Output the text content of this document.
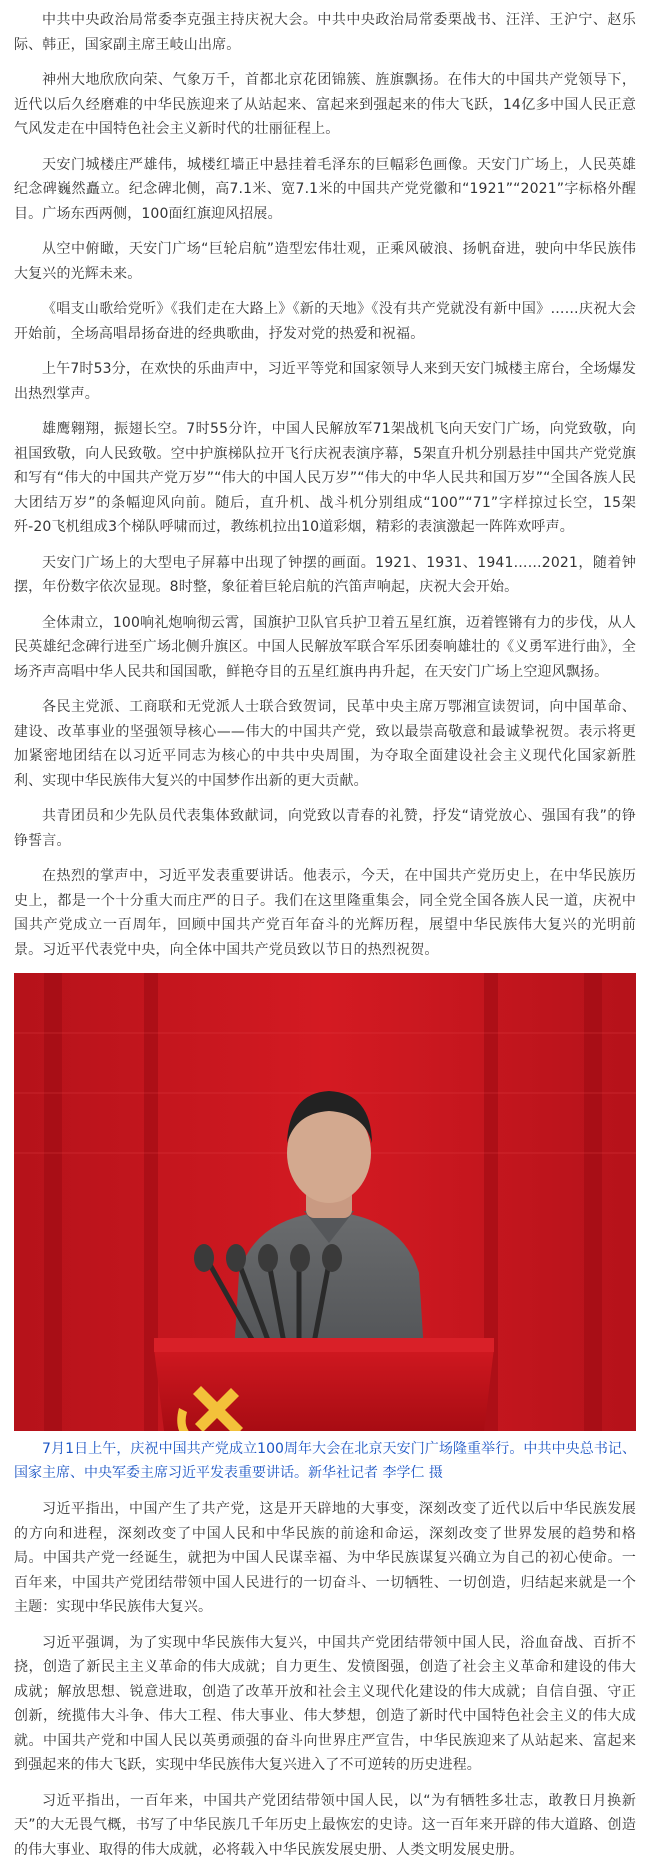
中共中央政治局常委李克强主持庆祝大会。中共中央政治局常委栗战书、汪洋、王沪宁、赵乐际、韩正，国家副主席王岐山出席。

神州大地欣欣向荣、气象万千，首都北京花团锦簇、旌旗飘扬。在伟大的中国共产党领导下，近代以后久经磨难的中华民族迎来了从站起来、富起来到强起来的伟大飞跃，14亿多中国人民正意气风发走在中国特色社会主义新时代的壮丽征程上。

天安门城楼庄严雄伟，城楼红墙正中悬挂着毛泽东的巨幅彩色画像。天安门广场上，人民英雄纪念碑巍然矗立。纪念碑北侧，高7.1米、宽7.1米的中国共产党党徽和“1921”“2021”字标格外醒目。广场东西两侧，100面红旗迎风招展。

从空中俯瞰，天安门广场“巨轮启航”造型宏伟壮观，正乘风破浪、扬帆奋进，驶向中华民族伟大复兴的光辉未来。

《唱支山歌给党听》《我们走在大路上》《新的天地》《没有共产党就没有新中国》……庆祝大会开始前，全场高唱昂扬奋进的经典歌曲，抒发对党的热爱和祝福。

上午7时53分，在欢快的乐曲声中，习近平等党和国家领导人来到天安门城楼主席台，全场爆发出热烈掌声。

雄鹰翱翔，振翅长空。7时55分许，中国人民解放军71架战机飞向天安门广场，向党致敬，向祖国致敬，向人民致敬。空中护旗梯队拉开飞行庆祝表演序幕，5架直升机分别悬挂中国共产党党旗和写有“伟大的中国共产党万岁”“伟大的中国人民万岁”“伟大的中华人民共和国万岁”“全国各族人民大团结万岁”的条幅迎风向前。随后，直升机、战斗机分别组成“100”“71”字样掠过长空，15架歼-20飞机组成3个梯队呼啸而过，教练机拉出10道彩烟，精彩的表演激起一阵阵欢呼声。

天安门广场上的大型电子屏幕中出现了钟摆的画面。1921、1931、1941……2021，随着钟摆，年份数字依次显现。8时整，象征着巨轮启航的汽笛声响起，庆祝大会开始。

全体肃立，100响礼炮响彻云霄，国旗护卫队官兵护卫着五星红旗，迈着铿锵有力的步伐，从人民英雄纪念碑行进至广场北侧升旗区。中国人民解放军联合军乐团奏响雄壮的《义勇军进行曲》，全场齐声高唱中华人民共和国国歌，鲜艳夺目的五星红旗冉冉升起，在天安门广场上空迎风飘扬。

各民主党派、工商联和无党派人士联合致贺词，民革中央主席万鄂湘宣读贺词，向中国革命、建设、改革事业的坚强领导核心——伟大的中国共产党，致以最崇高敬意和最诚挚祝贺。表示将更加紧密地团结在以习近平同志为核心的中共中央周围，为夺取全面建设社会主义现代化国家新胜利、实现中华民族伟大复兴的中国梦作出新的更大贡献。

共青团员和少先队员代表集体致献词，向党致以青春的礼赞，抒发“请党放心、强国有我”的铮铮誓言。

在热烈的掌声中，习近平发表重要讲话。他表示，今天，在中国共产党历史上，在中华民族历史上，都是一个十分重大而庄严的日子。我们在这里隆重集会，同全党全国各族人民一道，庆祝中国共产党成立一百周年，回顾中国共产党百年奋斗的光辉历程，展望中华民族伟大复兴的光明前景。习近平代表党中央，向全体中国共产党员致以节日的热烈祝贺。

7月1日上午，庆祝中国共产党成立100周年大会在北京天安门广场隆重举行。中共中央总书记、国家主席、中央军委主席习近平发表重要讲话。新华社记者 李学仁 摄

习近平指出，中国产生了共产党，这是开天辟地的大事变，深刻改变了近代以后中华民族发展的方向和进程，深刻改变了中国人民和中华民族的前途和命运，深刻改变了世界发展的趋势和格局。中国共产党一经诞生，就把为中国人民谋幸福、为中华民族谋复兴确立为自己的初心使命。一百年来，中国共产党团结带领中国人民进行的一切奋斗、一切牺牲、一切创造，归结起来就是一个主题：实现中华民族伟大复兴。

习近平强调，为了实现中华民族伟大复兴，中国共产党团结带领中国人民，浴血奋战、百折不挠，创造了新民主主义革命的伟大成就；自力更生、发愤图强，创造了社会主义革命和建设的伟大成就；解放思想、锐意进取，创造了改革开放和社会主义现代化建设的伟大成就；自信自强、守正创新，统揽伟大斗争、伟大工程、伟大事业、伟大梦想，创造了新时代中国特色社会主义的伟大成就。中国共产党和中国人民以英勇顽强的奋斗向世界庄严宣告，中华民族迎来了从站起来、富起来到强起来的伟大飞跃，实现中华民族伟大复兴进入了不可逆转的历史进程。

习近平指出，一百年来，中国共产党团结带领中国人民，以“为有牺牲多壮志，敢教日月换新天”的大无畏气概，书写了中华民族几千年历史上最恢宏的史诗。这一百年来开辟的伟大道路、创造的伟大事业、取得的伟大成就，必将载入中华民族发展史册、人类文明发展史册。
